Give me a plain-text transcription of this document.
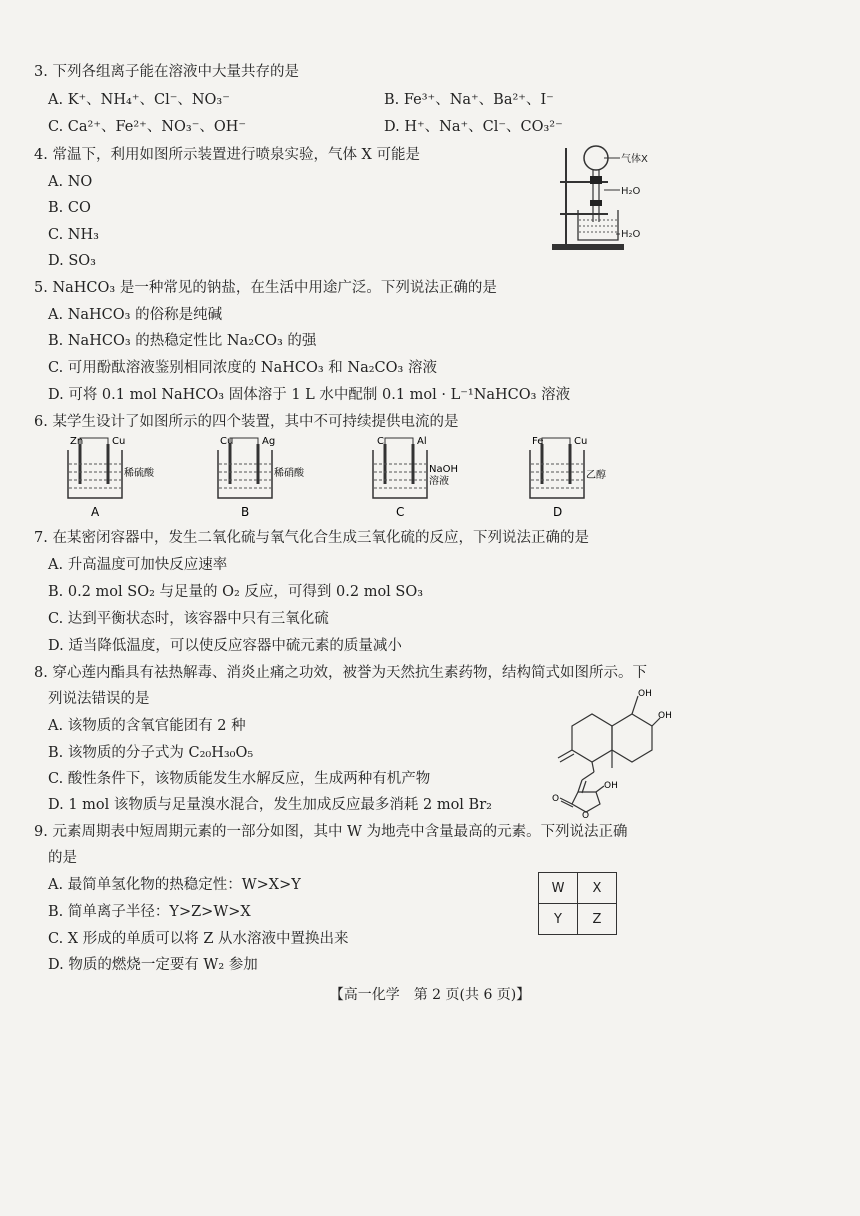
3. 下列各组离子能在溶液中大量共存的是
A. K⁺、NH₄⁺、Cl⁻、NO₃⁻	B. Fe³⁺、Na⁺、Ba²⁺、I⁻
C. Ca²⁺、Fe²⁺、NO₃⁻、OH⁻	D. H⁺、Na⁺、Cl⁻、CO₃²⁻
4. 常温下，利用如图所示装置进行喷泉实验，气体 X 可能是
A. NO
B. CO
C. NH₃
D. SO₃
气体X
H₂O
H₂O
5. NaHCO₃ 是一种常见的钠盐，在生活中用途广泛。下列说法正确的是
A. NaHCO₃ 的俗称是纯碱
B. NaHCO₃ 的热稳定性比 Na₂CO₃ 的强
C. 可用酚酞溶液鉴别相同浓度的 NaHCO₃ 和 Na₂CO₃ 溶液
D. 可将 0.1 mol NaHCO₃ 固体溶于 1 L 水中配制 0.1 mol · L⁻¹NaHCO₃ 溶液
6. 某学生设计了如图所示的四个装置，其中不可持续提供电流的是
Zn	Cu
稀硫酸
A
Cu	Ag
稀硝酸
B
C	Al
NaOH
溶液
C
Fe	Cu
乙醇
D
7. 在某密闭容器中，发生二氧化硫与氧气化合生成三氧化硫的反应，下列说法正确的是
A. 升高温度可加快反应速率
B. 0.2 mol SO₂ 与足量的 O₂ 反应，可得到 0.2 mol SO₃
C. 达到平衡状态时，该容器中只有三氧化硫
D. 适当降低温度，可以使反应容器中硫元素的质量减小
8. 穿心莲内酯具有祛热解毒、消炎止痛之功效，被誉为天然抗生素药物，结构简式如图所示。下
列说法错误的是
A. 该物质的含氧官能团有 2 种
B. 该物质的分子式为 C₂₀H₃₀O₅
C. 酸性条件下，该物质能发生水解反应，生成两种有机产物
D. 1 mol 该物质与足量溴水混合，发生加成反应最多消耗 2 mol Br₂
OH
OH
OH
O
O
9. 元素周期表中短周期元素的一部分如图，其中 W 为地壳中含量最高的元素。下列说法正确
的是
A. 最简单氢化物的热稳定性：W>X>Y
B. 简单离子半径：Y>Z>W>X
C. X 形成的单质可以将 Z 从水溶液中置换出来
D. 物质的燃烧一定要有 W₂ 参加
W	X
Y	Z
【高一化学　第 2 页(共 6 页)】
